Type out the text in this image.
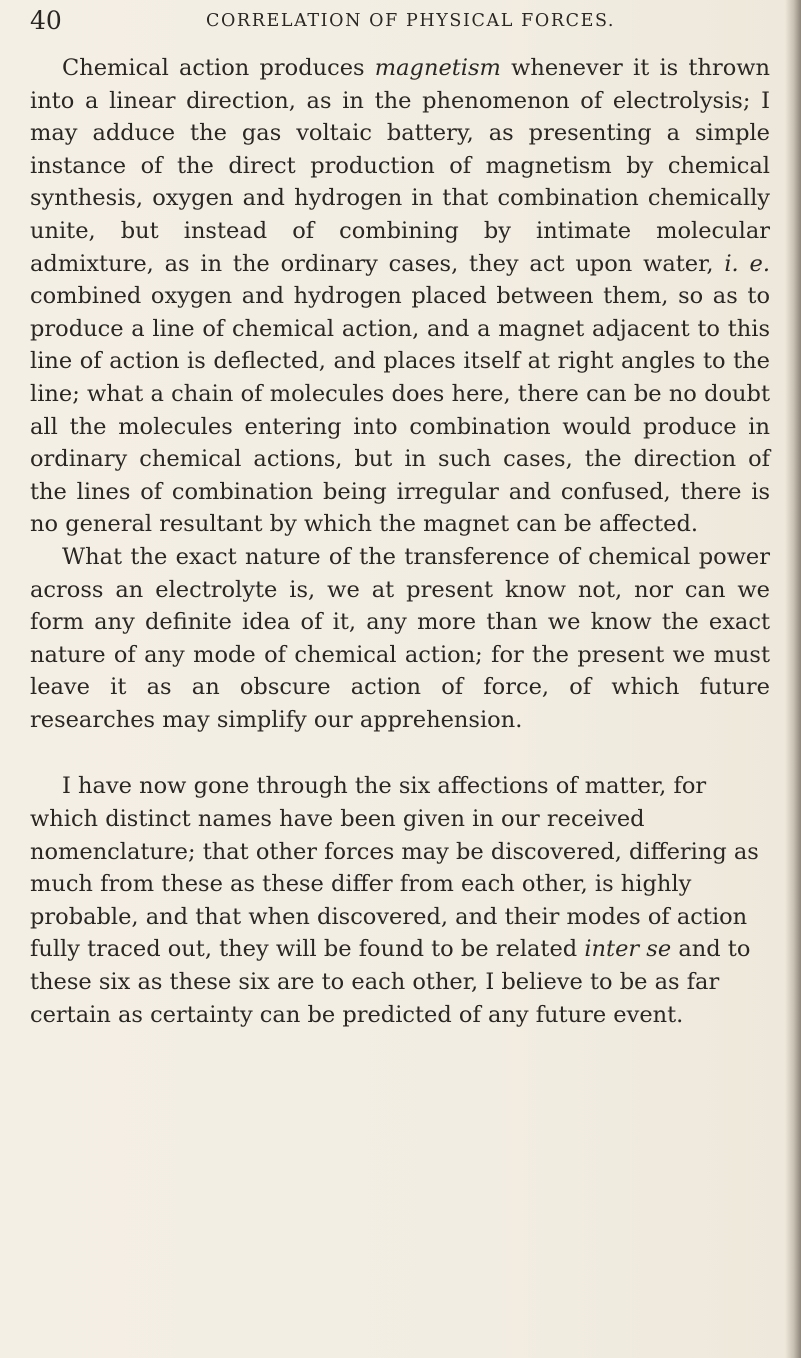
40	CORRELATION OF PHYSICAL FORCES.

Chemical action produces magnetism whenever it is thrown into a linear direction, as in the phenomenon of electrolysis; I may adduce the gas voltaic battery, as presenting a simple instance of the direct production of magnetism by chemical synthesis, oxygen and hydrogen in that combination chemically unite, but instead of combining by intimate molecular admixture, as in the ordinary cases, they act upon water, i. e. combined oxygen and hydrogen placed between them, so as to produce a line of chemical action, and a magnet adjacent to this line of action is deflected, and places itself at right angles to the line; what a chain of molecules does here, there can be no doubt all the molecules entering into combination would produce in ordinary chemical actions, but in such cases, the direction of the lines of combination being irregular and confused, there is no general resultant by which the magnet can be affected.

What the exact nature of the transference of chemical power across an electrolyte is, we at present know not, nor can we form any definite idea of it, any more than we know the exact nature of any mode of chemical action; for the present we must leave it as an obscure action of force, of which future researches may simplify our apprehension.

I have now gone through the six affections of matter, for which distinct names have been given in our received nomenclature; that other forces may be discovered, differing as much from these as these differ from each other, is highly probable, and that when discovered, and their modes of action fully traced out, they will be found to be related inter se and to these six as these six are to each other, I believe to be as far certain as certainty can be predicted of any future event.
